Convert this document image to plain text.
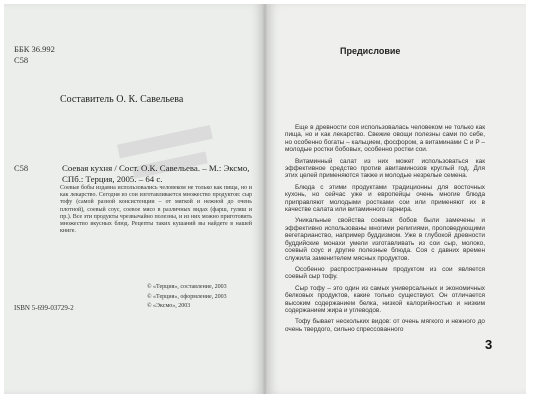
ББК 36.992
С58
Составитель О. К. Савельева
С58	Соевая кухня / Сост. О.К. Савельева. – М.: Эксмо, СПб.: Терция, 2005. – 64 с.
Соевые бобы издавна использовались человеком не только как пища, но и как лекарство. Сегодня из сои изготавливается множество продуктов: сыр тофу (самой разной консистенции – от мягкой и нежной до очень плотной), соевый соус, соевое мясо в различных видах (фарш, гуляш и пр.). Все эти продукты чрезвычайно полезны, и из них можно приготовить множество вкусных блюд. Рецепты таких кушаний вы найдете в нашей книге.
ISBN 5-699-03729-2
© «Терция», составление, 2003
© «Терция», оформление, 2003
© «Эксмо», 2003
Предисловие

Еще в древности соя использовалась человеком не только как пища, но и как лекарство. Свежие овощи полезны сами по себе, но особенно богаты – кальцием, фосфором, а витаминами С и Р – молодые ростки бобовых, особенно ростки сои.

Витаминный салат из них может использоваться как эффективное средство против авитаминозов круглый год. Для этих целей применяются также и молодые незрелые семена.

Блюда с этими продуктами традиционны для восточных кухонь, но сейчас уже и европейцы очень многие блюда приправляют молодыми ростками сои или применяют их в качестве салата или витаминного гарнира.

Уникальные свойства соевых бобов были замечены и эффективно использованы многими религиями, проповедующими вегетарианство, например буддизмом. Уже в глубокой древности буддийские монахи умели изготавливать из сои сыр, молоко, соевый соус и другие полезные блюда. Соя с давних времен служила заменителем мясных продуктов.

Особенно распространенным продуктом из сои является соевый сыр тофу.

Сыр тофу – это один из самых универсальных и экономичных белковых продуктов, какие только существуют. Он отличается высоким содержанием белка, низкой калорийностью и низким содержанием жира и углеводов.

Тофу бывает нескольких видов: от очень мягкого и нежного до очень твердого, сильно спрессованного

3
